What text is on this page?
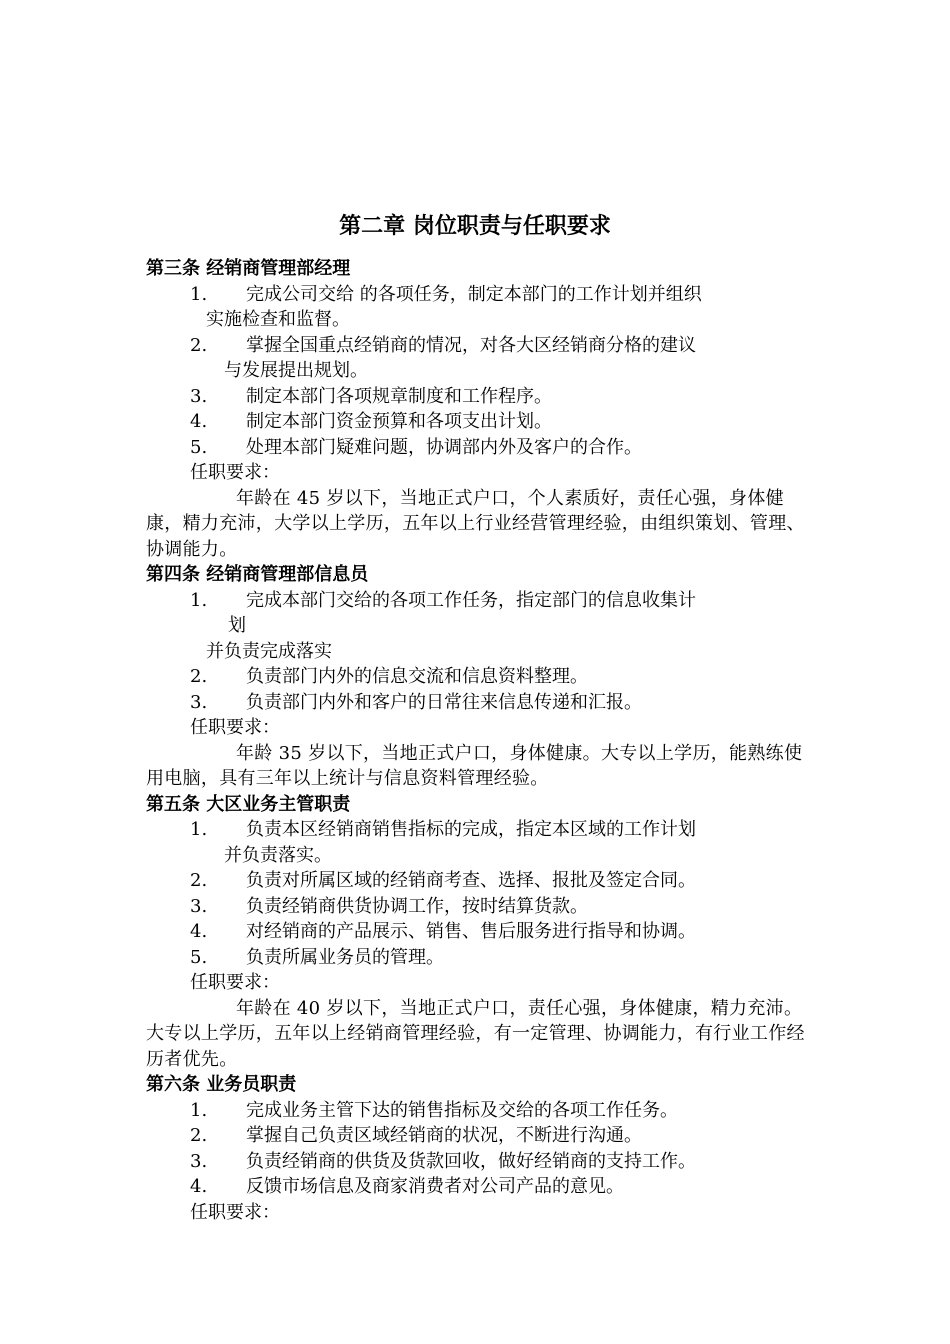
第二章 岗位职责与任职要求
第三条 经销商管理部经理
1. 完成公司交给 的各项任务，制定本部门的工作计划并组织
实施检查和监督。
2. 掌握全国重点经销商的情况，对各大区经销商分格的建议
与发展提出规划。
3. 制定本部门各项规章制度和工作程序。
4. 制定本部门资金预算和各项支出计划。
5. 处理本部门疑难问题，协调部内外及客户的合作。
任职要求：
年龄在 45 岁以下，当地正式户口，个人素质好，责任心强，身体健康，精力充沛，大学以上学历，五年以上行业经营管理经验，由组织策划、管理、协调能力。
第四条 经销商管理部信息员
1. 完成本部门交给的各项工作任务，指定部门的信息收集计
划
并负责完成落实
2. 负责部门内外的信息交流和信息资料整理。
3. 负责部门内外和客户的日常往来信息传递和汇报。
任职要求：
年龄 35 岁以下，当地正式户口，身体健康。大专以上学历，能熟练使用电脑，具有三年以上统计与信息资料管理经验。
第五条 大区业务主管职责
1. 负责本区经销商销售指标的完成，指定本区域的工作计划
并负责落实。
2. 负责对所属区域的经销商考查、选择、报批及签定合同。
3. 负责经销商供货协调工作，按时结算货款。
4. 对经销商的产品展示、销售、售后服务进行指导和协调。
5. 负责所属业务员的管理。
任职要求：
年龄在 40 岁以下，当地正式户口，责任心强，身体健康，精力充沛。大专以上学历，五年以上经销商管理经验，有一定管理、协调能力，有行业工作经历者优先。
第六条 业务员职责
1. 完成业务主管下达的销售指标及交给的各项工作任务。
2. 掌握自己负责区域经销商的状况，不断进行沟通。
3. 负责经销商的供货及货款回收，做好经销商的支持工作。
4. 反馈市场信息及商家消费者对公司产品的意见。
任职要求：
